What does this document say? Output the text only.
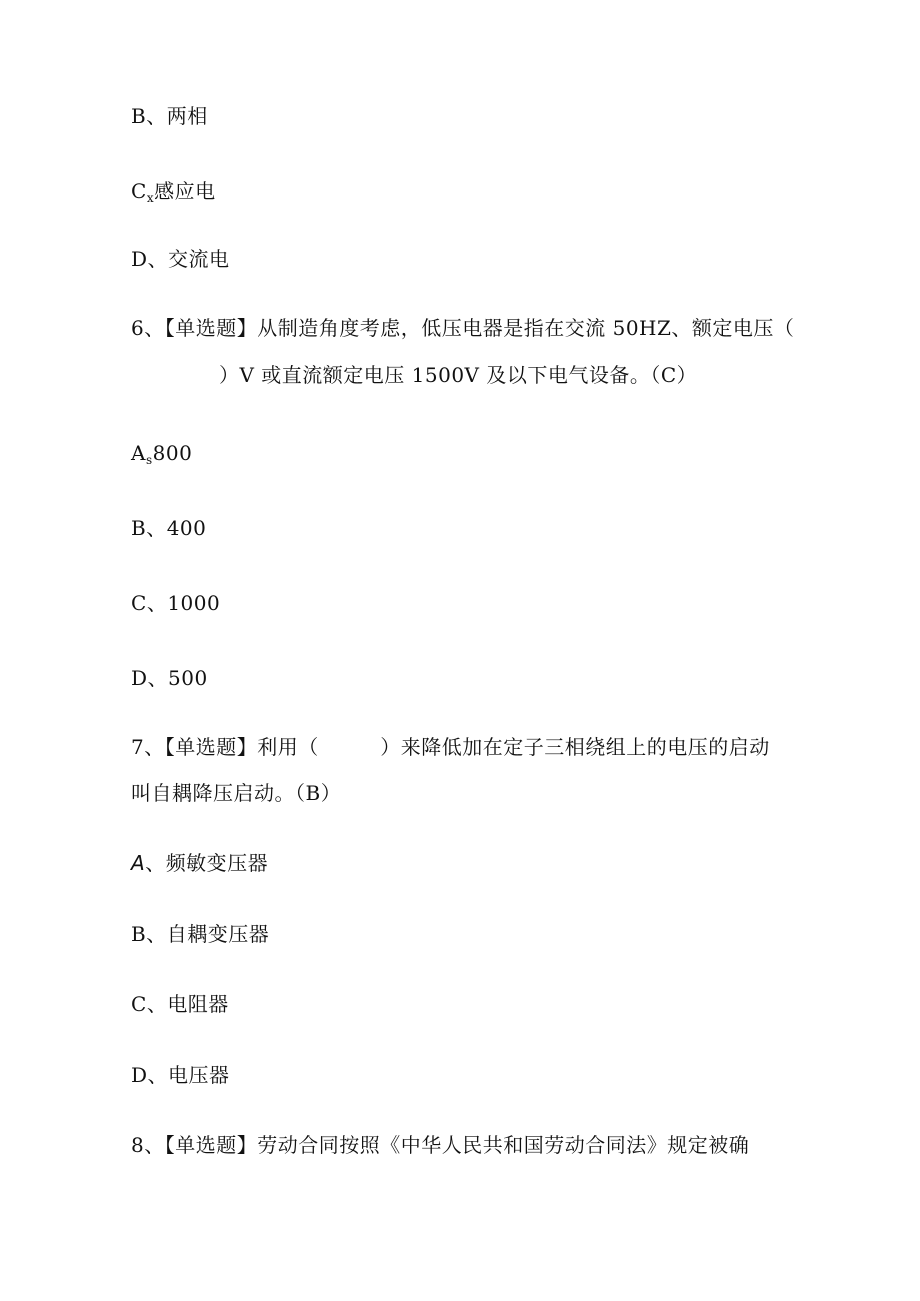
B、两相
$C_x$感应电
D、交流电
6、【单选题】从制造角度考虑，低压电器是指在交流 50HZ、额定电压（
）V 或直流额定电压 1500V 及以下电气设备。（C）
$A_s800$
B、400
C、1000
D、500
7、【单选题】利用（　　　）来降低加在定子三相绕组上的电压的启动
叫自耦降压启动。（B）
A、频敏变压器
B、自耦变压器
C、电阻器
D、电压器
8、【单选题】劳动合同按照《中华人民共和国劳动合同法》规定被确
